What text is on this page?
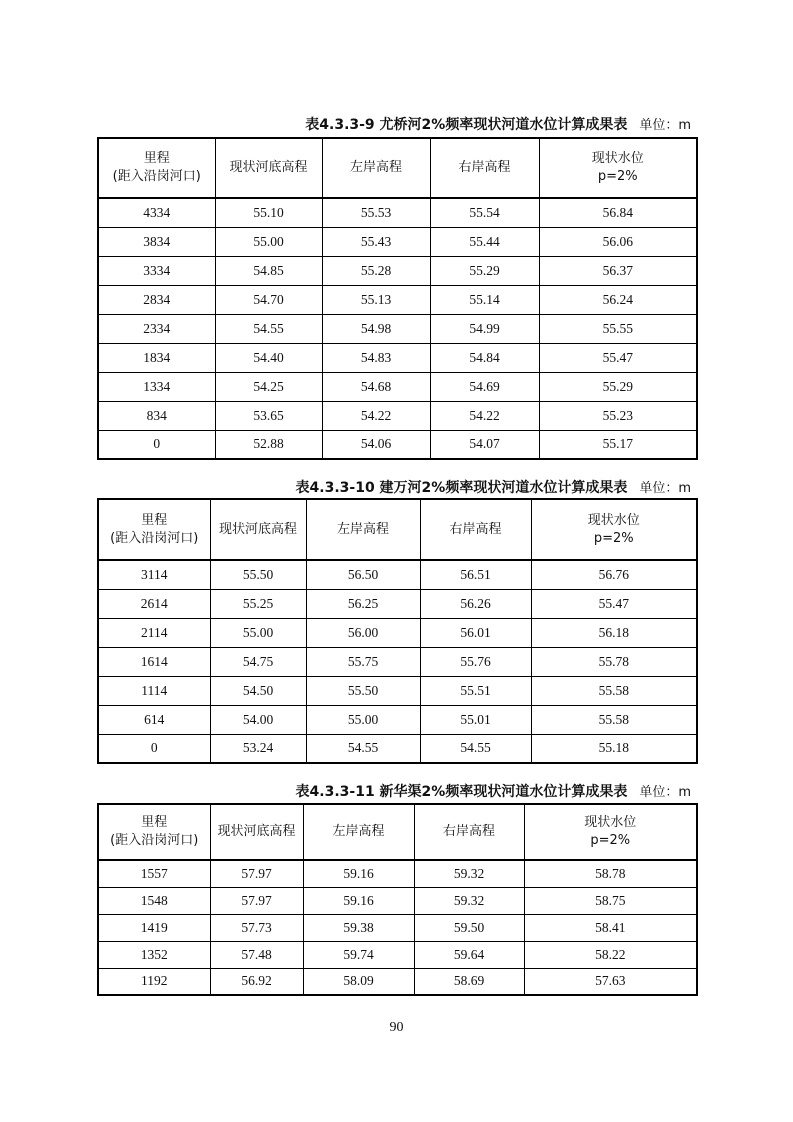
表4.3.3-9 尤桥河2%频率现状河道水位计算成果表 单位：m
里程
(距入沿岗河口)	现状河底高程	左岸高程	右岸高程	现状水位
p=2%
4334	55.10	55.53	55.54	56.84
3834	55.00	55.43	55.44	56.06
3334	54.85	55.28	55.29	56.37
2834	54.70	55.13	55.14	56.24
2334	54.55	54.98	54.99	55.55
1834	54.40	54.83	54.84	55.47
1334	54.25	54.68	54.69	55.29
834	53.65	54.22	54.22	55.23
0	52.88	54.06	54.07	55.17
表4.3.3-10 建万河2%频率现状河道水位计算成果表 单位：m
里程
(距入沿岗河口)	现状河底高程	左岸高程	右岸高程	现状水位
p=2%
3114	55.50	56.50	56.51	56.76
2614	55.25	56.25	56.26	55.47
2114	55.00	56.00	56.01	56.18
1614	54.75	55.75	55.76	55.78
1114	54.50	55.50	55.51	55.58
614	54.00	55.00	55.01	55.58
0	53.24	54.55	54.55	55.18
表4.3.3-11 新华渠2%频率现状河道水位计算成果表 单位：m
里程
(距入沿岗河口)	现状河底高程	左岸高程	右岸高程	现状水位
p=2%
1557	57.97	59.16	59.32	58.78
1548	57.97	59.16	59.32	58.75
1419	57.73	59.38	59.50	58.41
1352	57.48	59.74	59.64	58.22
1192	56.92	58.09	58.69	57.63
90
